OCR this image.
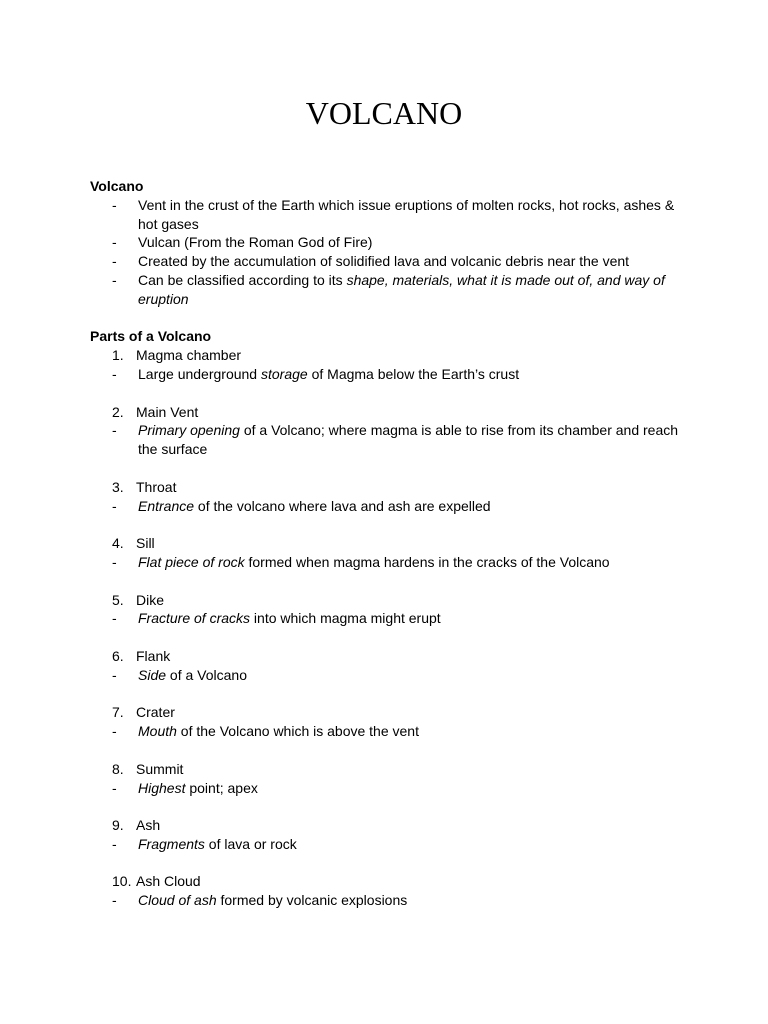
VOLCANO

Volcano

-	Vent in the crust of the Earth which issue eruptions of molten rocks, hot rocks, ashes & hot gases
-	Vulcan (From the Roman God of Fire)
-	Created by the accumulation of solidified lava and volcanic debris near the vent
-	Can be classified according to its shape, materials, what it is made out of, and way of eruption

Parts of a Volcano

1. Magma chamber
-	Large underground storage of Magma below the Earth’s crust
2. Main Vent
-	Primary opening of a Volcano; where magma is able to rise from its chamber and reach the surface
3. Throat
-	Entrance of the volcano where lava and ash are expelled
4. Sill
-	Flat piece of rock formed when magma hardens in the cracks of the Volcano
5. Dike
-	Fracture of cracks into which magma might erupt
6. Flank
-	Side of a Volcano
7. Crater
-	Mouth of the Volcano which is above the vent
8. Summit
-	Highest point; apex
9. Ash
-	Fragments of lava or rock
10. Ash Cloud
-	Cloud of ash formed by volcanic explosions
